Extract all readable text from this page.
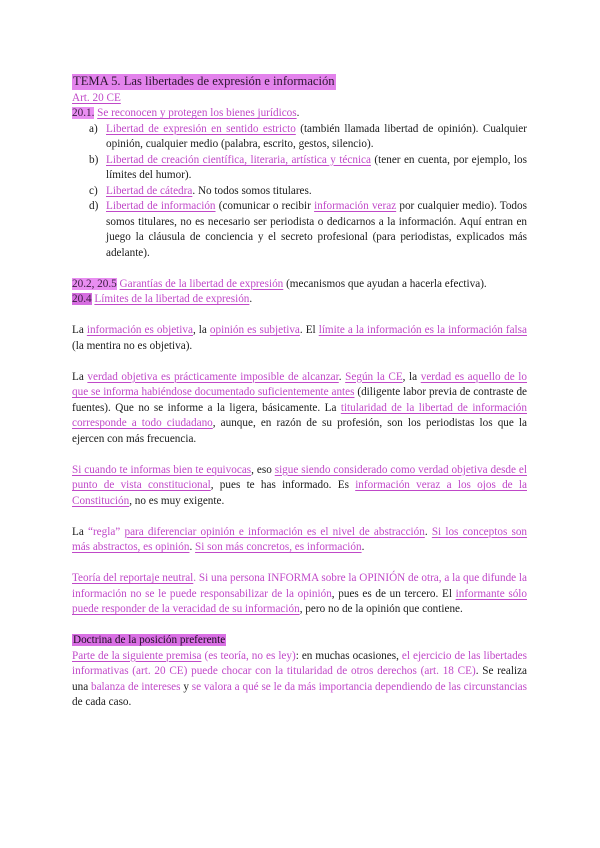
TEMA 5. Las libertades de expresión e información

Art. 20 CE

20.1. Se reconocen y protegen los bienes jurídicos.

a) Libertad de expresión en sentido estricto (también llamada libertad de opinión). Cualquier opinión, cualquier medio (palabra, escrito, gestos, silencio).
b) Libertad de creación científica, literaria, artística y técnica (tener en cuenta, por ejemplo, los límites del humor).
c) Libertad de cátedra. No todos somos titulares.
d) Libertad de información (comunicar o recibir información veraz por cualquier medio). Todos somos titulares, no es necesario ser periodista o dedicarnos a la información. Aquí entran en juego la cláusula de conciencia y el secreto profesional (para periodistas, explicados más adelante).

20.2, 20.5 Garantías de la libertad de expresión (mecanismos que ayudan a hacerla efectiva).

20.4 Límites de la libertad de expresión.

La información es objetiva, la opinión es subjetiva. El límite a la información es la información falsa (la mentira no es objetiva).

La verdad objetiva es prácticamente imposible de alcanzar. Según la CE, la verdad es aquello de lo que se informa habiéndose documentado suficientemente antes (diligente labor previa de contraste de fuentes). Que no se informe a la ligera, básicamente. La titularidad de la libertad de información corresponde a todo ciudadano, aunque, en razón de su profesión, son los periodistas los que la ejercen con más frecuencia.

Si cuando te informas bien te equivocas, eso sigue siendo considerado como verdad objetiva desde el punto de vista constitucional, pues te has informado. Es información veraz a los ojos de la Constitución, no es muy exigente.

La “regla” para diferenciar opinión e información es el nivel de abstracción. Si los conceptos son más abstractos, es opinión. Si son más concretos, es información.

Teoría del reportaje neutral. Si una persona INFORMA sobre la OPINIÓN de otra, a la que difunde la información no se le puede responsabilizar de la opinión, pues es de un tercero. El informante sólo puede responder de la veracidad de su información, pero no de la opinión que contiene.

Doctrina de la posición preferente

Parte de la siguiente premisa (es teoría, no es ley): en muchas ocasiones, el ejercicio de las libertades informativas (art. 20 CE) puede chocar con la titularidad de otros derechos (art. 18 CE). Se realiza una balanza de intereses y se valora a qué se le da más importancia dependiendo de las circunstancias de cada caso.
